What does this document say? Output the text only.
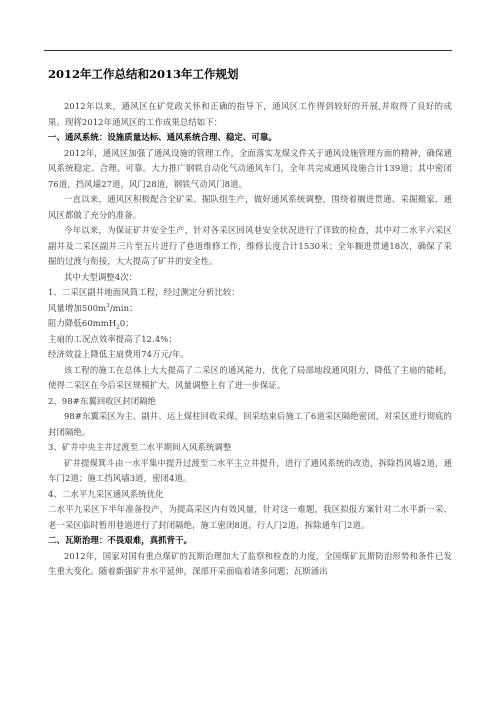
2012年工作总结和2013年工作规划

2012年以来，通风区在矿党政关怀和正确的指导下，通风区工作得到较好的开展,并取得了良好的成果。现将2012年通风区的工作成果总结如下：

一、通风系统：设施质量达标、通风系统合理、稳定、可靠。

2012年，通风区加强了通风设施的管理工作，全面落实龙煤文件关于通风设施管理方面的精神，确保通风系统稳定、合理、可靠。大力推广钢铁自动化气动通风车门，全年共完成通风设施合计139道；其中密闭76道，挡风墙27道，风门28道，钢铁气动风门8道。

一直以来，通风区积极配合全矿采、掘队组生产，做好通风系统调整，围绕着搁进贯通、采掘搬家，通风区都做了充分的准备。

今年以来，为保证矿井安全生产，针对各采区回风巷安全状况进行了详致的检查，其中对二水平六采区副井及二采区副井三片至五片进行了巷道维修工作，维修长度合计1530米；全年搁进贯通18次，确保了采掘的过渡与衔接，大大提高了矿井的安全性。

其中大型调整4次：

1、二采区副井地面风筒工程，经过测定分析比较：

风量增加$500m^3/\min$；

阻力降低60mmH$_2$0；

主扇的工况点效率提高了12.4%；

经济效益上降低主扇费用74万元/年。

该工程的施工在总体上大大提高了二采区的通风能力，优化了局部地段通风阻力，降低了主扇的能耗，使得二采区在今后采区规模扩大，风量调整上有了进一步保证。

2、98#东翼回收区封闭隔绝

98#东翼采区为主、副井、运上煤柱回收采煤，回采结束后施工了6道采区隔绝密闭，对采区进行彻底的封闭隔绝。

3、矿井中央主井过渡至二水平期间入风系统调整

矿井提煤箕斗由一水平集中提升过渡至二水平主立井提升，进行了通风系统的改造，拆除挡风墙2道，通车门2道；施工挡风墙3道，密闭4道。

4、二水平九采区通风系统优化

二水平九采区下半年准备投产，为提高采区内有效风量，针对这一难题，我区拟报方案针对二水平新一采、老一采区临时暂用巷道进行了封闭隔绝，施工密闭8道，行人门2道，拆除通车门2道。

二、瓦斯治理：不畏艰难，真抓背干。

2012年，国家对国有重点煤矿的瓦斯治理加大了监察和检查的力度，全国煤矿瓦斯防治形势和条件已发生重大变化。随着新强矿井水平延伸，深部开采面临着诸多问题；瓦斯涌出
